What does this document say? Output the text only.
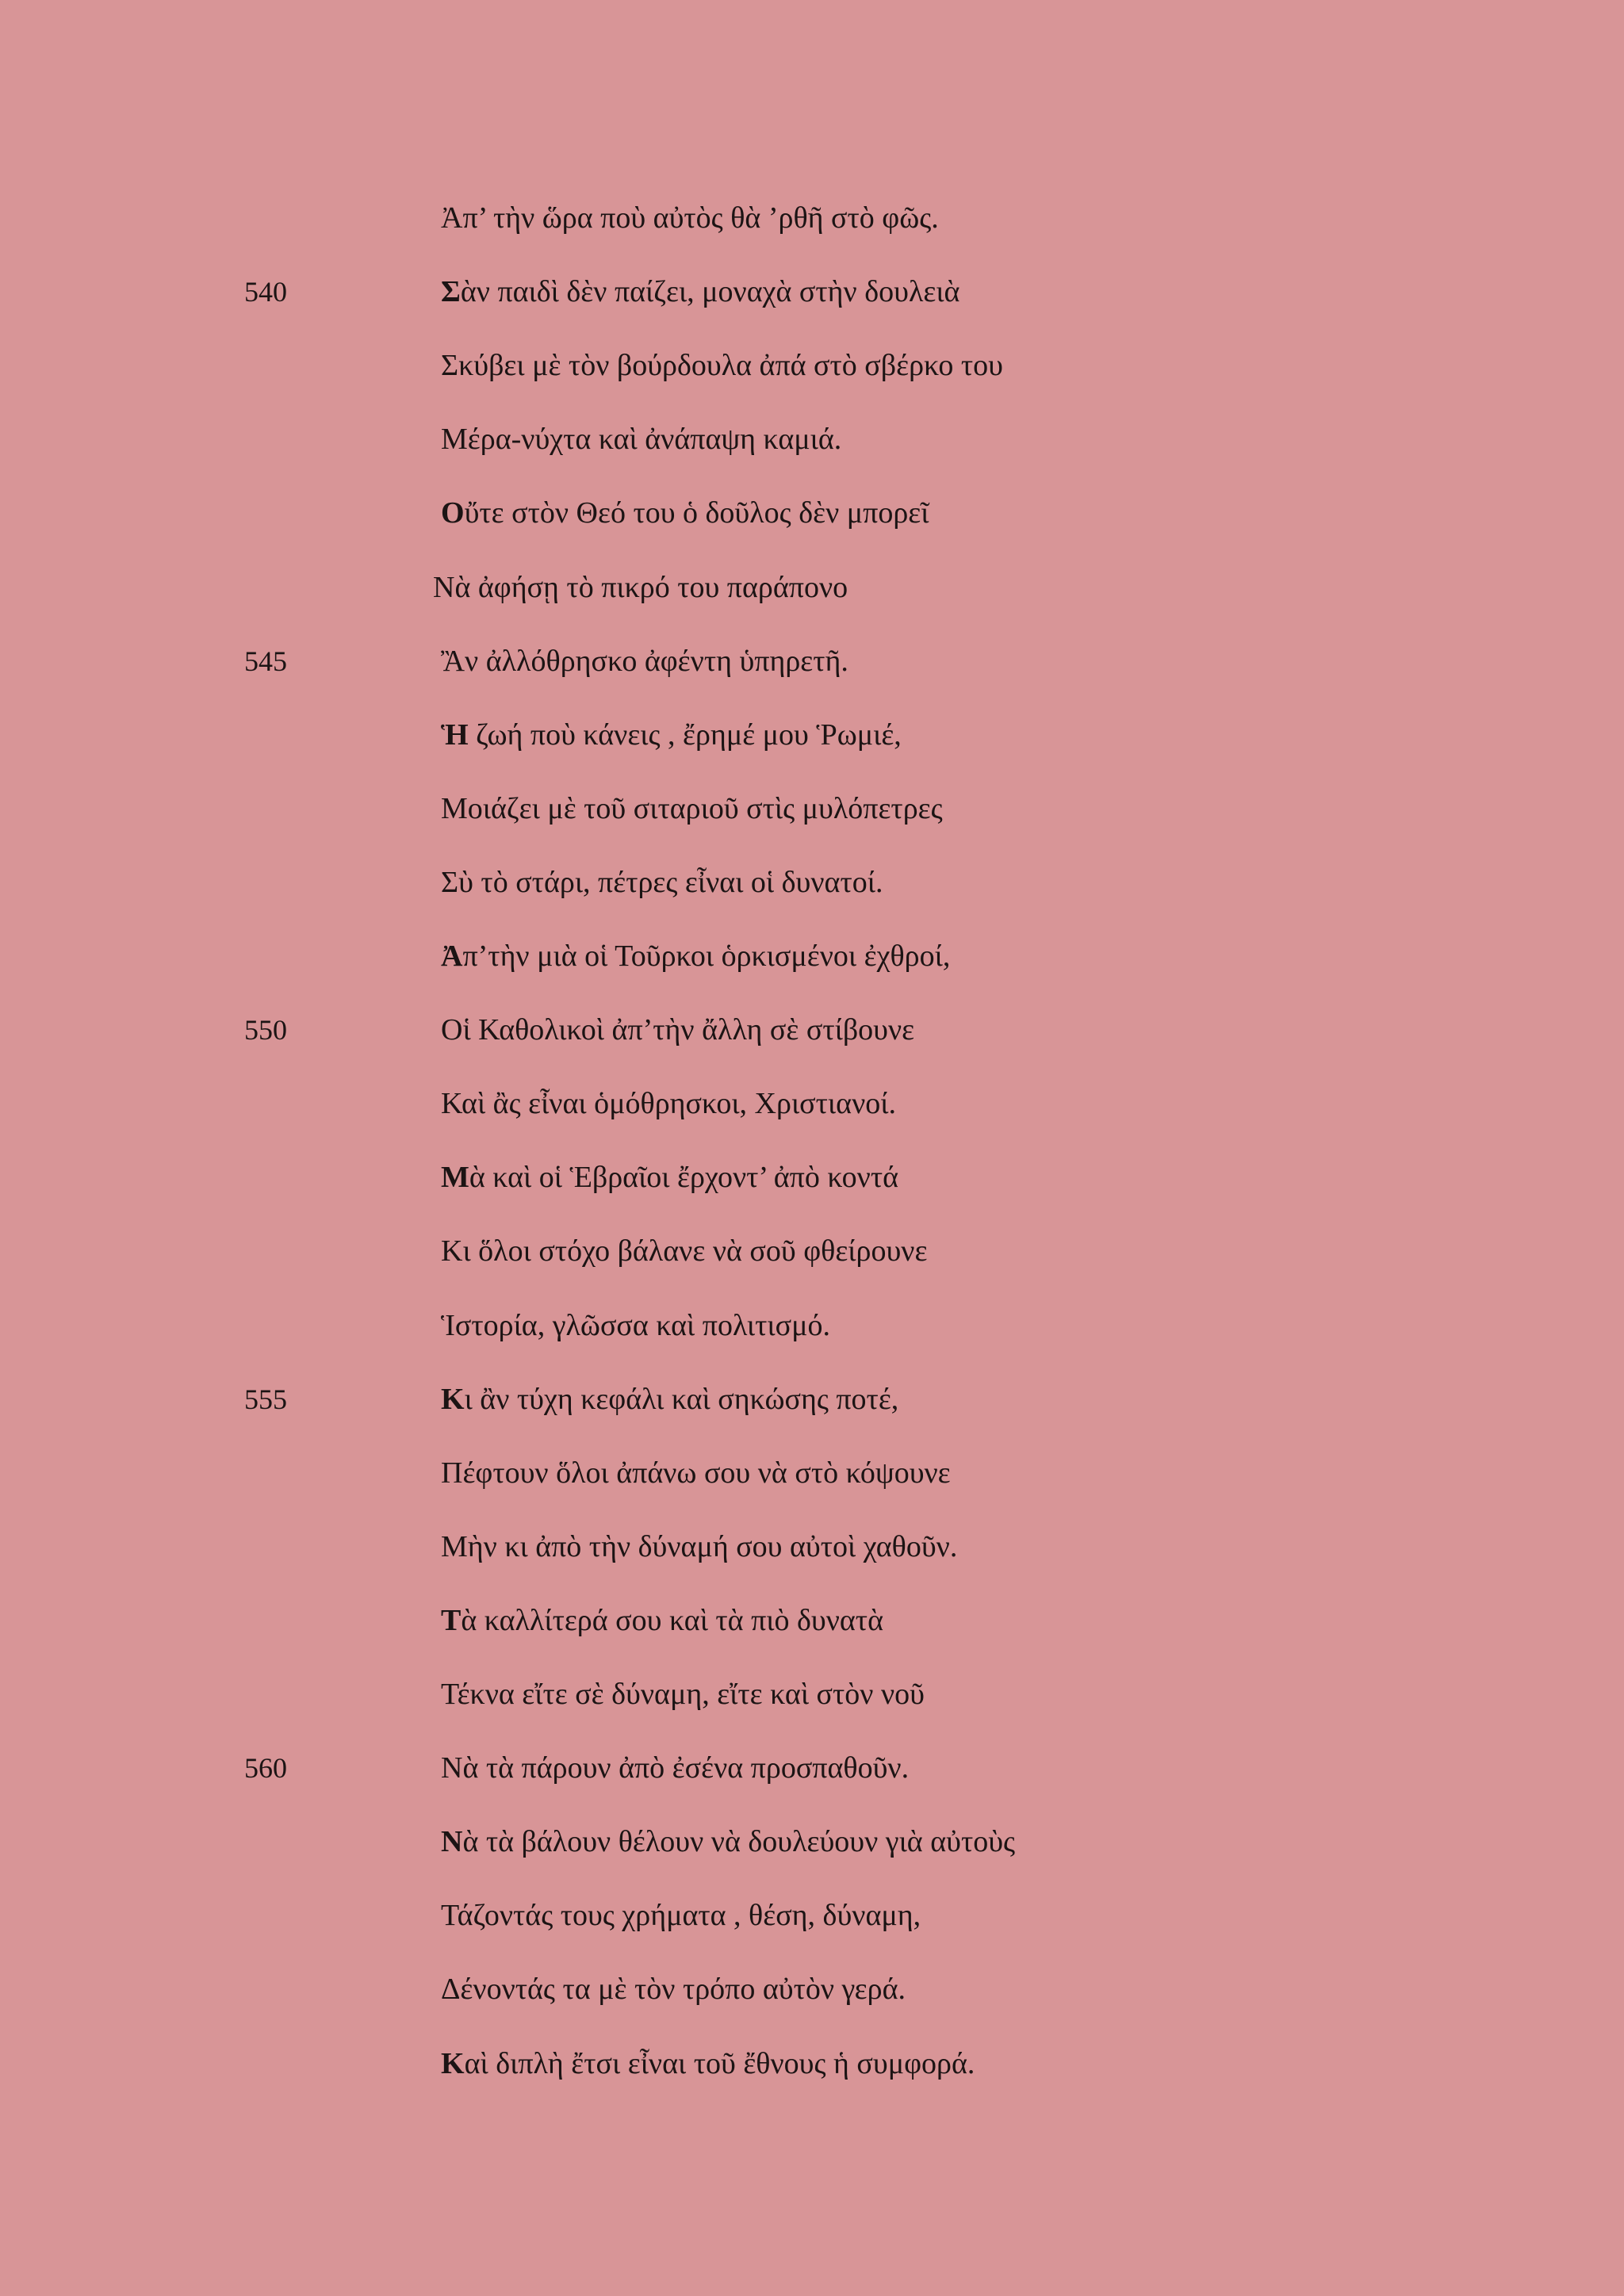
Ἀπ’ τὴν ὥρα ποὺ αὐτὸς θὰ ’ρθῆ στὸ φῶς.
540	Σὰν παιδὶ δὲν παίζει, μοναχὰ στὴν δουλειὰ
Σκύβει μὲ τὸν βούρδουλα ἀπά στὸ σβέρκο του
Μέρα-νύχτα καὶ ἀνάπαψη καμιά.
Οὔτε στὸν Θεό του ὁ δοῦλος δὲν μπορεῖ
Νὰ ἀφήσῃ τὸ πικρό του παράπονο
545	Ἂν ἀλλόθρησκο ἀφέντη ὑπηρετῆ.
Ἡ ζωή ποὺ κάνεις , ἔρημέ μου Ῥωμιέ,
Μοιάζει μὲ τοῦ σιταριοῦ στὶς μυλόπετρες
Σὺ τὸ στάρι, πέτρες εἶναι οἱ δυνατοί.
Ἀπ’τὴν μιὰ οἱ Τοῦρκοι ὁρκισμένοι ἐχθροί,
550	Οἱ Καθολικοὶ ἀπ’τὴν ἄλλη σὲ στίβουνε
Καὶ ἂς εἶναι ὁμόθρησκοι, Χριστιανοί.
Μὰ καὶ οἱ Ἑβραῖοι ἔρχοντ’ ἀπὸ κοντά
Κι ὅλοι στόχο βάλανε νὰ σοῦ φθείρουνε
Ἱστορία, γλῶσσα καὶ πολιτισμό.
555	Κι ἂν τύχη κεφάλι καὶ σηκώσης ποτέ,
Πέφτουν ὅλοι ἀπάνω σου νὰ στὸ κόψουνε
Μὴν κι ἀπὸ τὴν δύναμή σου αὐτοὶ χαθοῦν.
Τὰ καλλίτερά σου καὶ τὰ πιὸ δυνατὰ
Τέκνα εἴτε σὲ δύναμη, εἴτε καὶ στὸν νοῦ
560	Νὰ τὰ πάρουν ἀπὸ ἐσένα προσπαθοῦν.
Νὰ τὰ βάλουν θέλουν νὰ δουλεύουν γιὰ αὐτοὺς
Τάζοντάς τους χρήματα , θέση, δύναμη,
Δένοντάς τα μὲ τὸν τρόπο αὐτὸν γερά.
Καὶ διπλὴ ἔτσι εἶναι τοῦ ἔθνους ἡ συμφορά.
